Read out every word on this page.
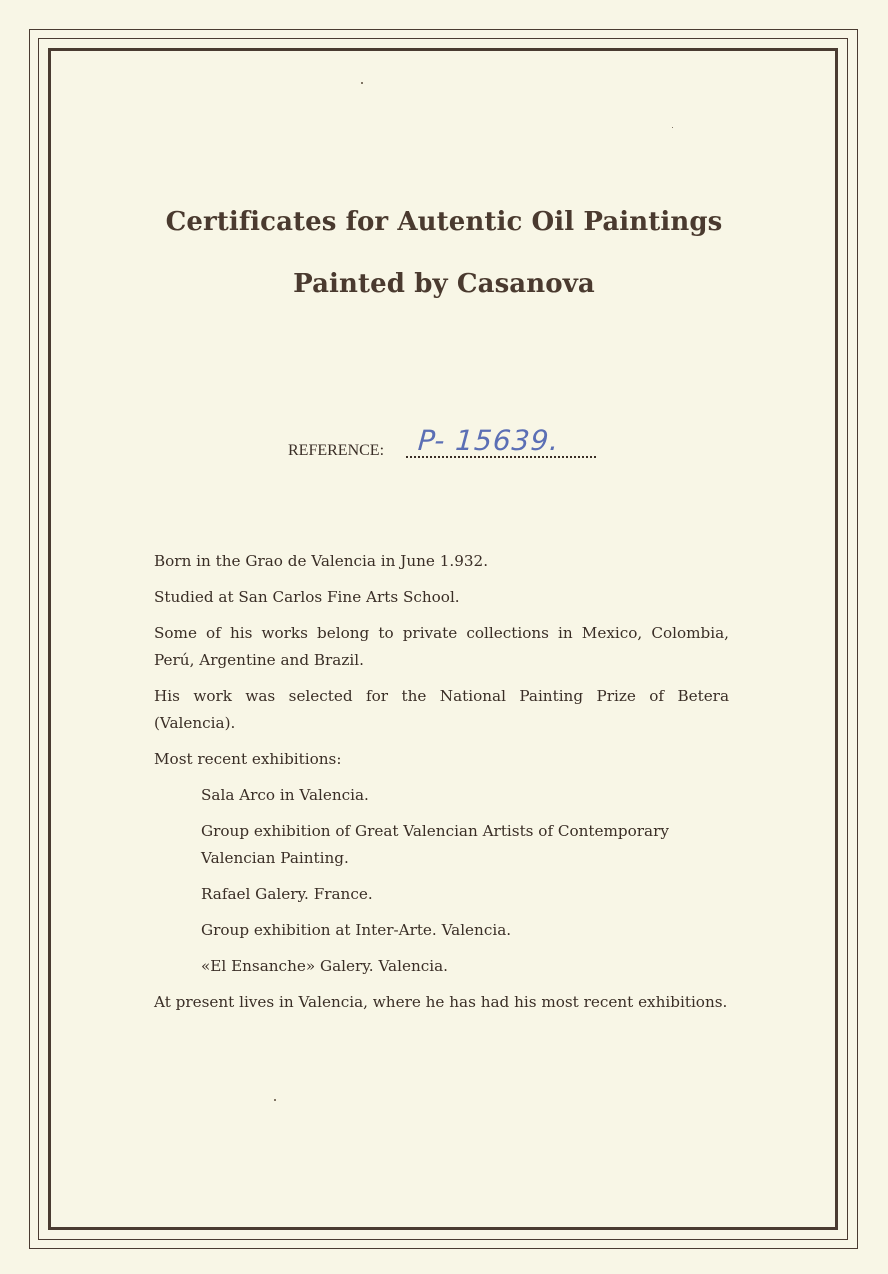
Certificates for Autentic Oil Paintings
Painted by Casanova
REFERENCE: P- 15639.

Born in the Grao de Valencia in June 1.932.

Studied at San Carlos Fine Arts School.

Some of his works belong to private collections in Mexico, Colombia, Perú, Argentine and Brazil.

His work was selected for the National Painting Prize of Betera (Valencia).

Most recent exhibitions:

Sala Arco in Valencia.
Group exhibition of Great Valencian Artists of Contemporary Valencian Painting.
Rafael Galery. France.
Group exhibition at Inter-Arte. Valencia.
«El Ensanche» Galery. Valencia.

At present lives in Valencia, where he has had his most recent exhibitions.
